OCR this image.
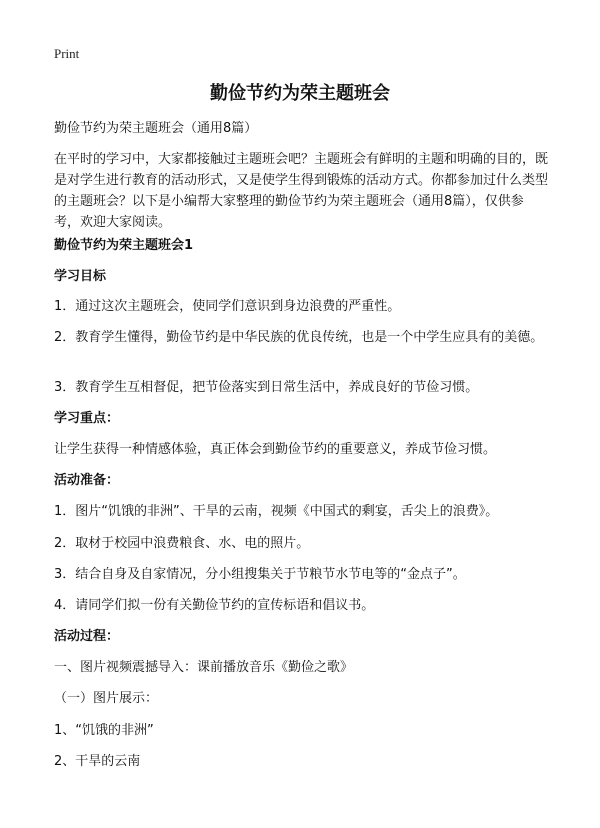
Print
勤俭节约为荣主题班会
勤俭节约为荣主题班会（通用8篇）
在平时的学习中，大家都接触过主题班会吧？主题班会有鲜明的主题和明确的目的，既是对学生进行教育的活动形式，又是使学生得到锻炼的活动方式。你都参加过什么类型的主题班会？以下是小编帮大家整理的勤俭节约为荣主题班会（通用8篇），仅供参考，欢迎大家阅读。
勤俭节约为荣主题班会1
学习目标
1．通过这次主题班会，使同学们意识到身边浪费的严重性。
2．教育学生懂得，勤俭节约是中华民族的优良传统，也是一个中学生应具有的美德。
3．教育学生互相督促，把节俭落实到日常生活中，养成良好的节俭习惯。
学习重点：
让学生获得一种情感体验，真正体会到勤俭节约的重要意义，养成节俭习惯。
活动准备：
1．图片“饥饿的非洲”、干旱的云南，视频《中国式的剩宴，舌尖上的浪费》。
2．取材于校园中浪费粮食、水、电的照片。
3．结合自身及自家情况，分小组搜集关于节粮节水节电等的“金点子”。
4．请同学们拟一份有关勤俭节约的宣传标语和倡议书。
活动过程：
一、图片视频震撼导入：课前播放音乐《勤俭之歌》
（一）图片展示：
1、“饥饿的非洲”
2、干旱的云南
